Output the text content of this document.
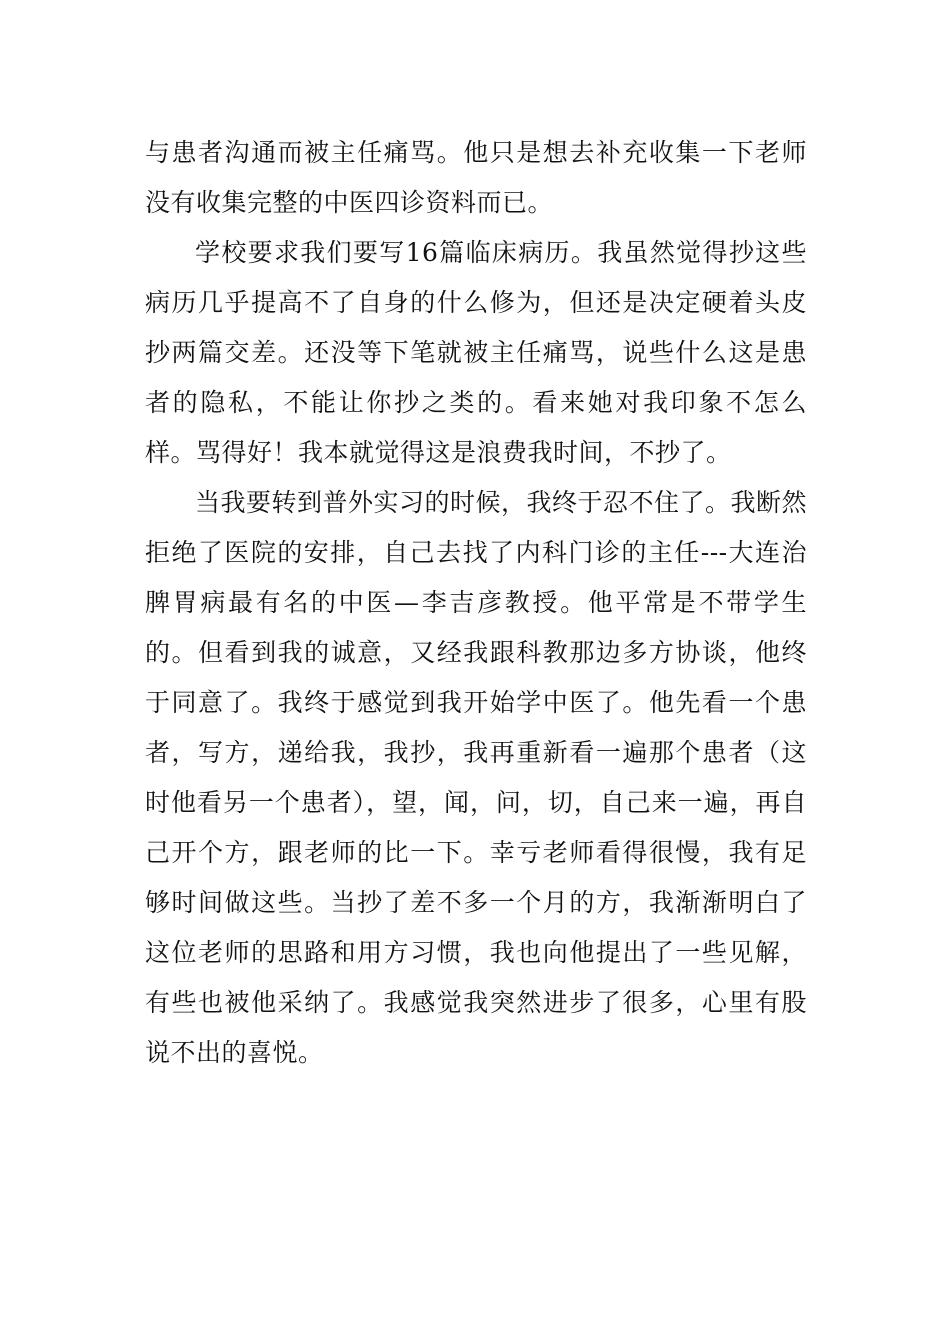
与患者沟通而被主任痛骂。他只是想去补充收集一下老师没有收集完整的中医四诊资料而已。

学校要求我们要写16篇临床病历。我虽然觉得抄这些病历几乎提高不了自身的什么修为，但还是决定硬着头皮抄两篇交差。还没等下笔就被主任痛骂，说些什么这是患者的隐私，不能让你抄之类的。看来她对我印象不怎么样。骂得好！我本就觉得这是浪费我时间，不抄了。

当我要转到普外实习的时候，我终于忍不住了。我断然拒绝了医院的安排，自己去找了内科门诊的主任---大连治脾胃病最有名的中医—李吉彦教授。他平常是不带学生的。但看到我的诚意，又经我跟科教那边多方协谈，他终于同意了。我终于感觉到我开始学中医了。他先看一个患者，写方，递给我，我抄，我再重新看一遍那个患者（这时他看另一个患者），望，闻，问，切，自己来一遍，再自己开个方，跟老师的比一下。幸亏老师看得很慢，我有足够时间做这些。当抄了差不多一个月的方，我渐渐明白了这位老师的思路和用方习惯，我也向他提出了一些见解，有些也被他采纳了。我感觉我突然进步了很多，心里有股说不出的喜悦。
